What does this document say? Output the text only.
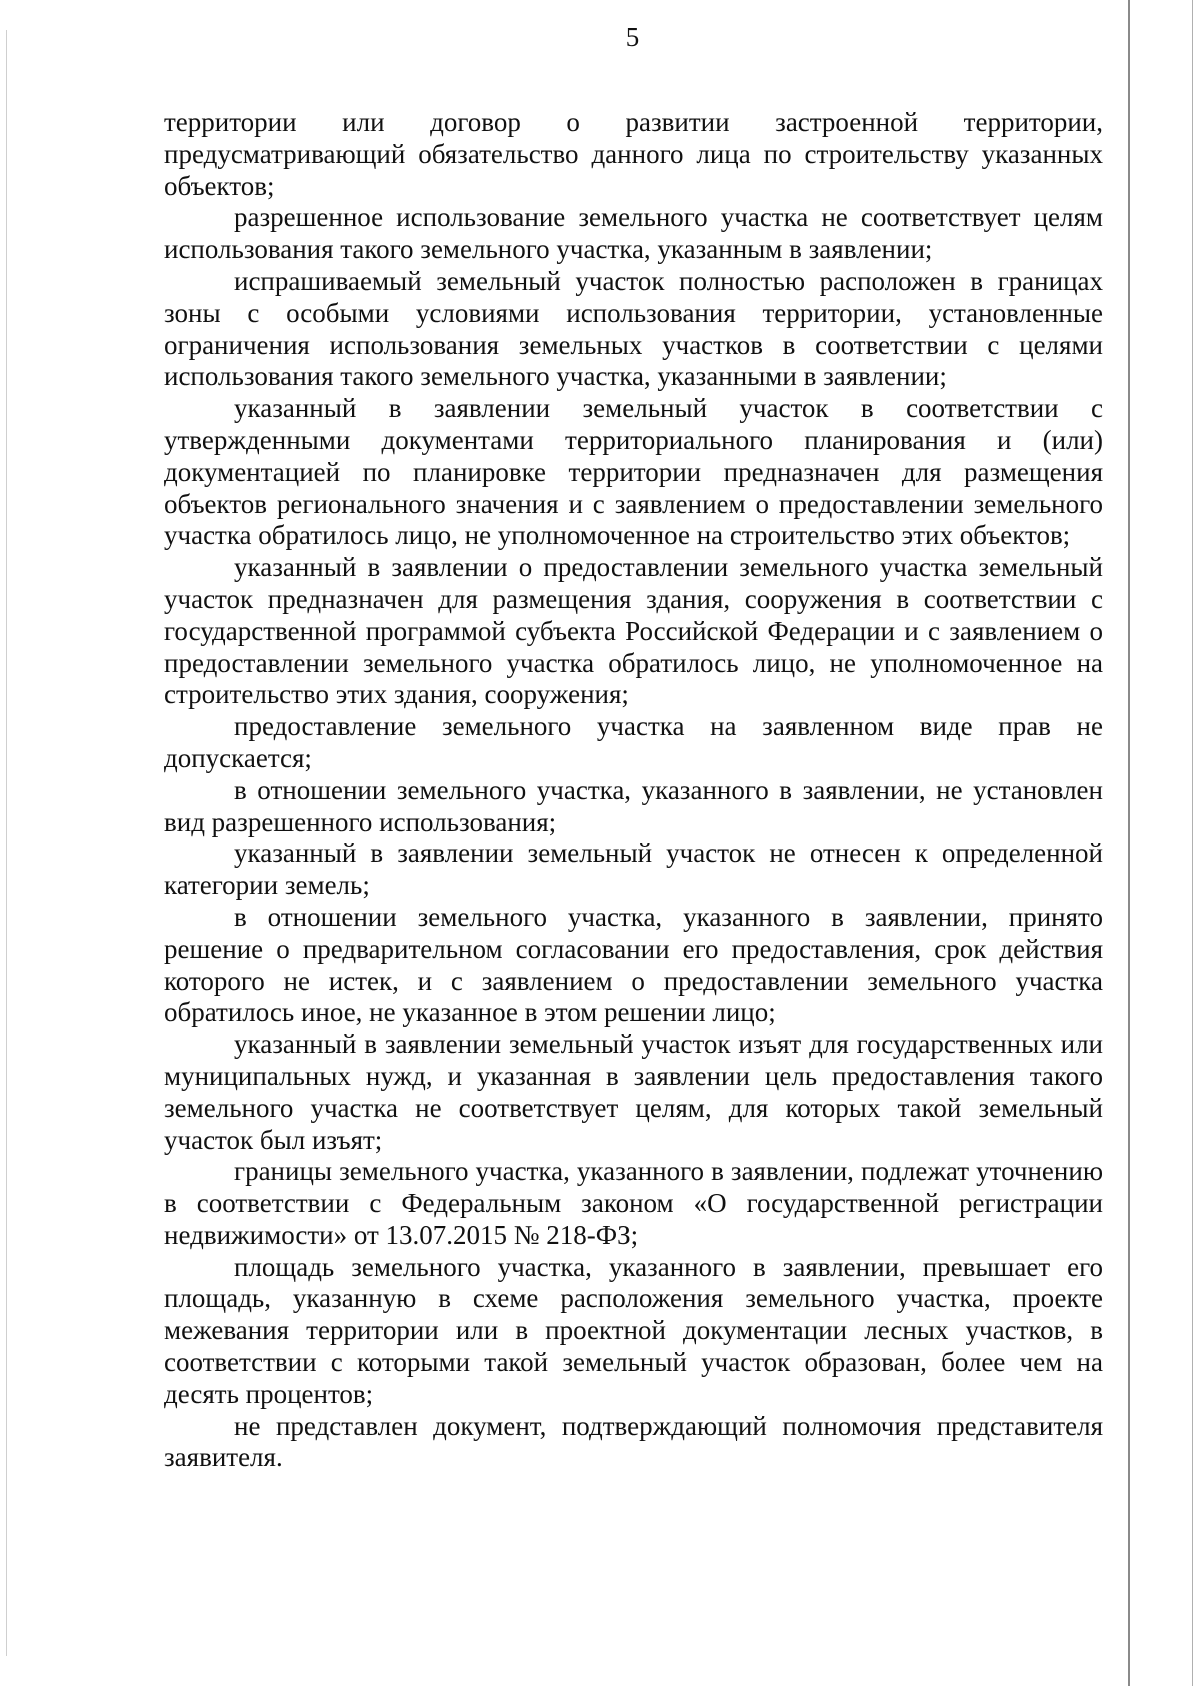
5

территории или договор о развитии застроенной территории, предусматривающий обязательство данного лица по строительству указанных объектов;

разрешенное использование земельного участка не соответствует целям использования такого земельного участка, указанным в заявлении;

испрашиваемый земельный участок полностью расположен в границах зоны с особыми условиями использования территории, установленные ограничения использования земельных участков в соответствии с целями использования такого земельного участка, указанными в заявлении;

указанный в заявлении земельный участок в соответствии с утвержденными документами территориального планирования и (или) документацией по планировке территории предназначен для размещения объектов регионального значения и с заявлением о предоставлении земельного участка обратилось лицо, не уполномоченное на строительство этих объектов;

указанный в заявлении о предоставлении земельного участка земельный участок предназначен для размещения здания, сооружения в соответствии с государственной программой субъекта Российской Федерации и с заявлением о предоставлении земельного участка обратилось лицо, не уполномоченное на строительство этих здания, сооружения;

предоставление земельного участка на заявленном виде прав не допускается;

в отношении земельного участка, указанного в заявлении, не установлен вид разрешенного использования;

указанный в заявлении земельный участок не отнесен к определенной категории земель;

в отношении земельного участка, указанного в заявлении, принято решение о предварительном согласовании его предоставления, срок действия которого не истек, и с заявлением о предоставлении земельного участка обратилось иное, не указанное в этом решении лицо;

указанный в заявлении земельный участок изъят для государственных или муниципальных нужд, и указанная в заявлении цель предоставления такого земельного участка не соответствует целям, для которых такой земельный участок был изъят;

границы земельного участка, указанного в заявлении, подлежат уточнению в соответствии с Федеральным законом «О государственной регистрации недвижимости» от 13.07.2015 № 218-ФЗ;

площадь земельного участка, указанного в заявлении, превышает его площадь, указанную в схеме расположения земельного участка, проекте межевания территории или в проектной документации лесных участков, в соответствии с которыми такой земельный участок образован, более чем на десять процентов;

не представлен документ, подтверждающий полномочия представителя заявителя.
